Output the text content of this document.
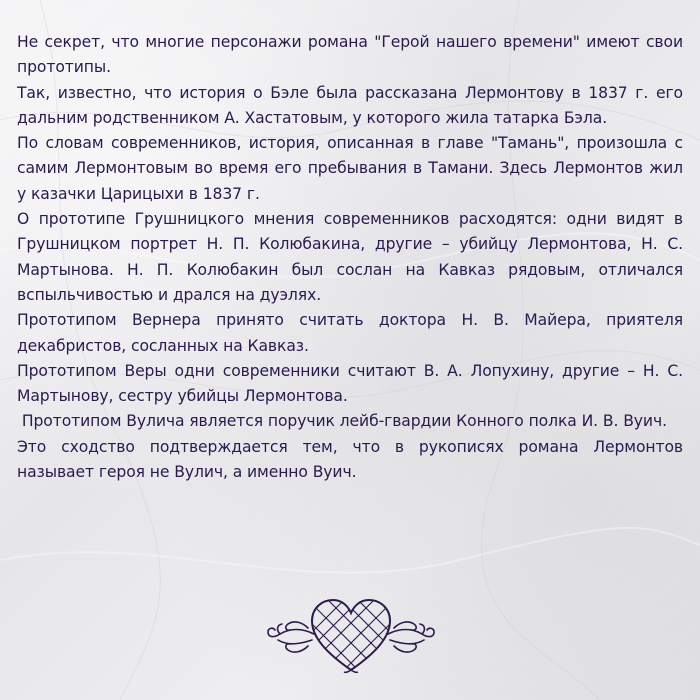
Не секрет, что многие персонажи романа "Герой нашего времени" имеют свои прототипы.

Так, известно, что история о Бэле была рассказана Лермонтову в 1837 г. его дальним родственником А. Хастатовым, у которого жила татарка Бэла.

По словам современников, история, описанная в главе "Тамань", произошла с самим Лермонтовым во время его пребывания в Тамани. Здесь Лермонтов жил у казачки Царицыхи в 1837 г.

О прототипе Грушницкого мнения современников расходятся: одни видят в Грушницком портрет Н. П. Колюбакина, другие – убийцу Лермонтова, Н. С. Мартынова. Н. П. Колюбакин был сослан на Кавказ рядовым, отличался вспыльчивостью и дрался на дуэлях.

Прототипом Вернера принято считать доктора Н. В. Майера, приятеля декабристов, сосланных на Кавказ.

Прототипом Веры одни современники считают В. А. Лопухину, другие – Н. С. Мартынову, сестру убийцы Лермонтова.

Прототипом Вулича является поручик лейб-гвардии Конного полка И. В. Вуич.

Это сходство подтверждается тем, что в рукописях романа Лермонтов называет героя не Вулич, а именно Вуич.
